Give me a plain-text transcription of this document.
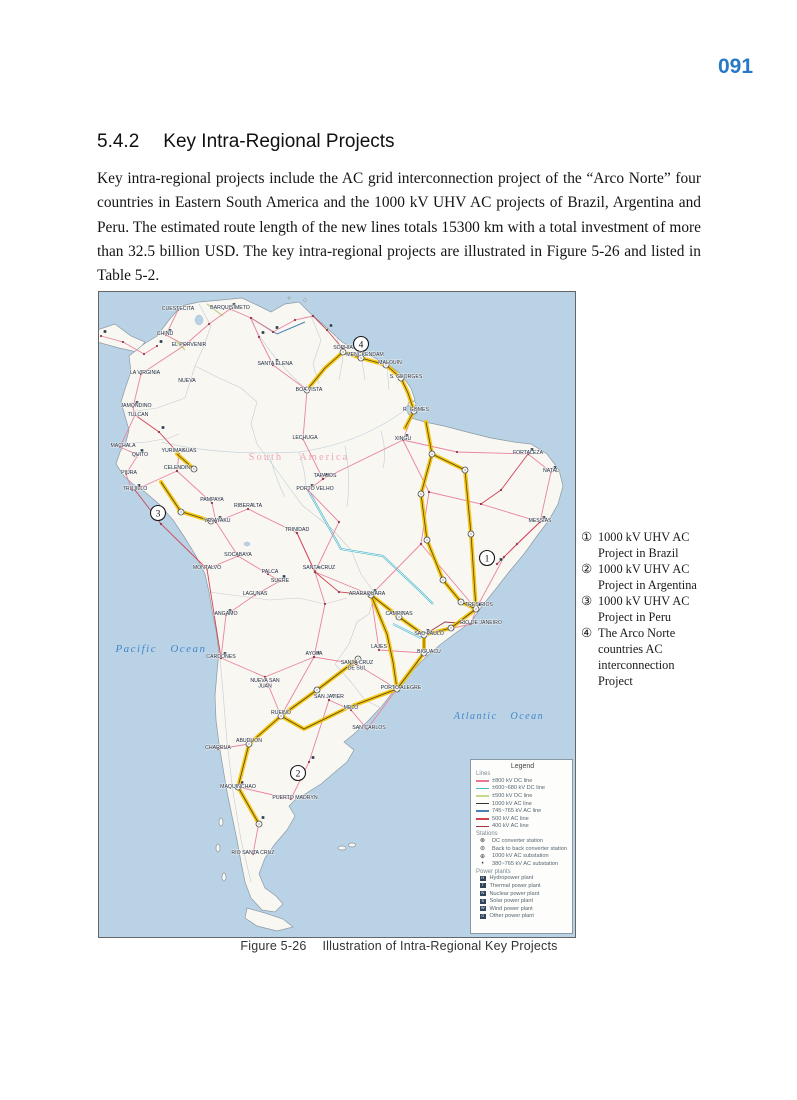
091
5.4.2 Key Intra-Regional Projects

Key intra-regional projects include the AC grid interconnection project of the “Arco Norte” four countries in Eastern South America and the 1000 kV UHV AC projects of Brazil, Argentina and Peru. The estimated route length of the new lines totals 15300 km with a total investment of more than 32.5 billion USD. The key intra-regional projects are illustrated in Figure 5-26 and listed in Table 5-2.

1
2
3
4
CUESTECITA	BARQUISIMETO
CHINU
EL PORVENIR
LA VIRGINIA
NUEVA
SANTA ELENA
BOA VISTA
JAMONDINO
TULCAN
MACHALA
QUITO
YURIMAGUAS
LECHUGA
SOPHIA
MENCKENDAM
MALOUIN
S. GEORGES
R. GOMES
XINGU
FORTALEZA
NATAL
MESSIAS
TRES RIOS
RIO DE JANEIRO
SAO PAULO
CAMPINAS
BIGUACU
LAJES
PIURA
TRUJILLO
CELENDIN
PAMPAYA
YANAYAKU
RIBERALTA
TRINIDAD
SOCABAYA
MONTALVO
PALCA
SUCRE
LAGUNAS
ANGAMO
TAPAJOS
PORTO VELHO
ARARAQUARA
SANTA CRUZ
CARDONES
NUEVA SAN JUAN
AYOLA
SANTA CRUZ DE SUL
PORTO ALEGRE
SAN JAVIER
MELO
RUFINO
SAN CARLOS
CHARRUA
ABUDUON
MAQUINCHAO
PUERTO MADRYN
RIO SANTA CRUZ
Pacific Ocean
Atlantic Ocean
South America
Legend
Lines
±800 kV DC line
±600~680 kV DC line
±500 kV DC line
1000 kV AC line
745~765 kV AC line
500 kV AC line
400 kV AC line
Stations
⊗	DC converter station
⊜	Back to back converter station
⊕	1000 kV AC substation
•	380~765 kV AC substation
Power plants
H Hydropower plant
T Thermal power plant
N Nuclear power plant
S Solar power plant
W Wind power plant
O Other power plant
① 1000 kV UHV AC
Project in Brazil
② 1000 kV UHV AC
Project in Argentina
③ 1000 kV UHV AC
Project in Peru
④ The Arco Norte
countries AC
interconnection
Project
Figure 5-26 Illustration of Intra-Regional Key Projects
